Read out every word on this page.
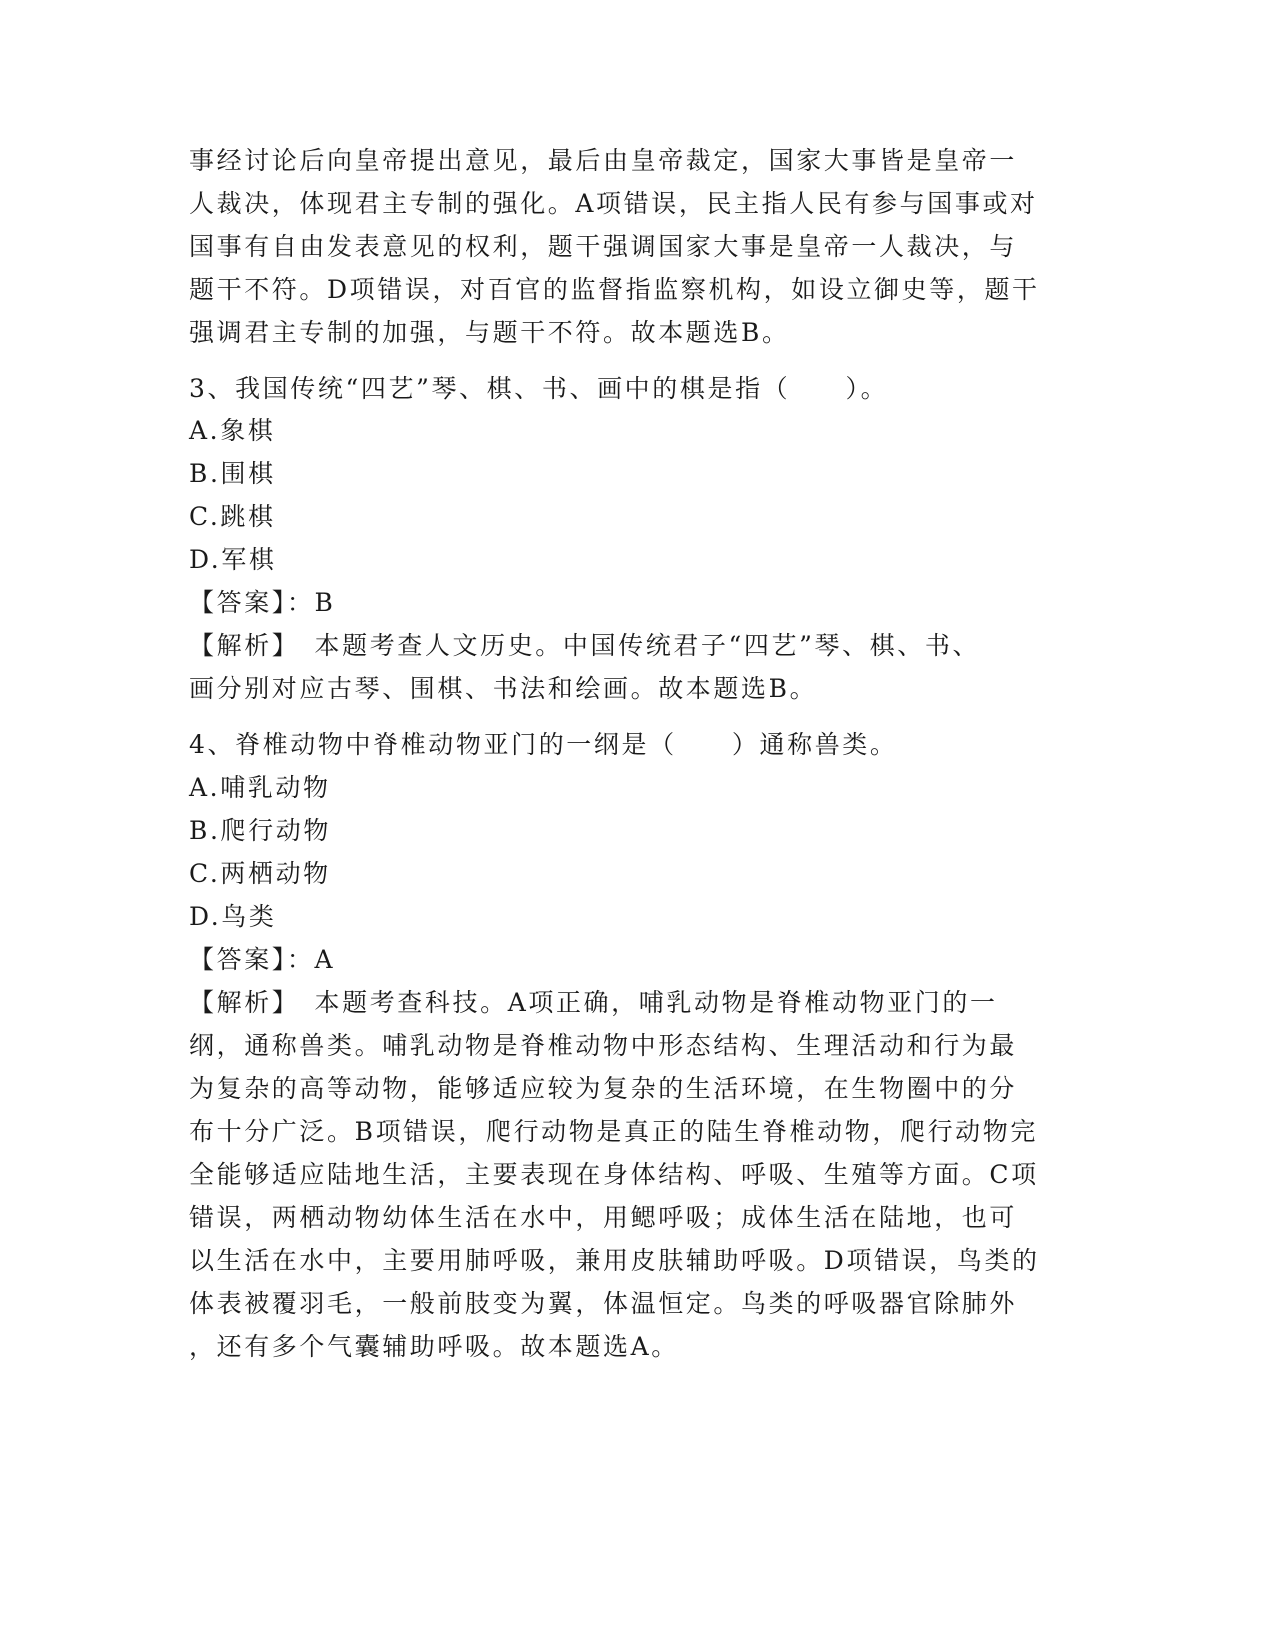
事经讨论后向皇帝提出意见，最后由皇帝裁定，国家大事皆是皇帝一
人裁决，体现君主专制的强化。A项错误，民主指人民有参与国事或对
国事有自由发表意见的权利，题干强调国家大事是皇帝一人裁决，与
题干不符。D项错误，对百官的监督指监察机构，如设立御史等，题干
强调君主专制的加强，与题干不符。故本题选B。
3、我国传统“四艺”琴、棋、书、画中的棋是指（　　）。
A.象棋
B.围棋
C.跳棋
D.军棋
【答案】：B
【解析】　本题考查人文历史。中国传统君子“四艺”琴、棋、书、
画分别对应古琴、围棋、书法和绘画。故本题选B。
4、脊椎动物中脊椎动物亚门的一纲是（　　）通称兽类。
A.哺乳动物
B.爬行动物
C.两栖动物
D.鸟类
【答案】：A
【解析】　本题考查科技。A项正确，哺乳动物是脊椎动物亚门的一
纲，通称兽类。哺乳动物是脊椎动物中形态结构、生理活动和行为最
为复杂的高等动物，能够适应较为复杂的生活环境，在生物圈中的分
布十分广泛。B项错误，爬行动物是真正的陆生脊椎动物，爬行动物完
全能够适应陆地生活，主要表现在身体结构、呼吸、生殖等方面。C项
错误，两栖动物幼体生活在水中，用鳃呼吸；成体生活在陆地，也可
以生活在水中，主要用肺呼吸，兼用皮肤辅助呼吸。D项错误，鸟类的
体表被覆羽毛，一般前肢变为翼，体温恒定。鸟类的呼吸器官除肺外
，还有多个气囊辅助呼吸。故本题选A。
